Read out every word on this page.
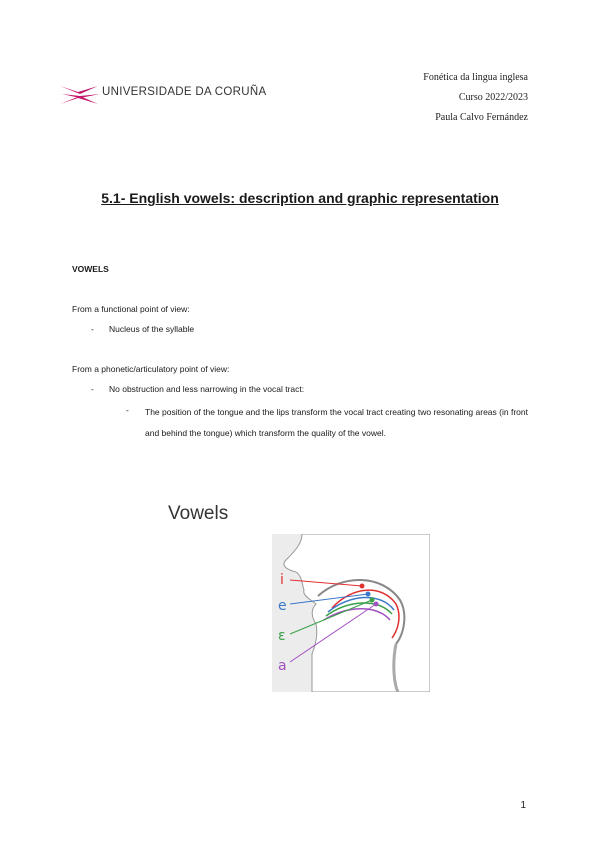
UNIVERSIDADE DA CORUÑA
Fonética da lingua inglesa
Curso 2022/2023
Paula Calvo Fernández
5.1- English vowels: description and graphic representation
VOWELS
From a functional point of view:
- Nucleus of the syllable
From a phonetic/articulatory point of view:
- No obstruction and less narrowing in the vocal tract:
- The position of the tongue and the lips transform the vocal tract creating two resonating areas (in front and behind the tongue) which transform the quality of the vowel.
Vowels
i
e
ɛ
a
1
